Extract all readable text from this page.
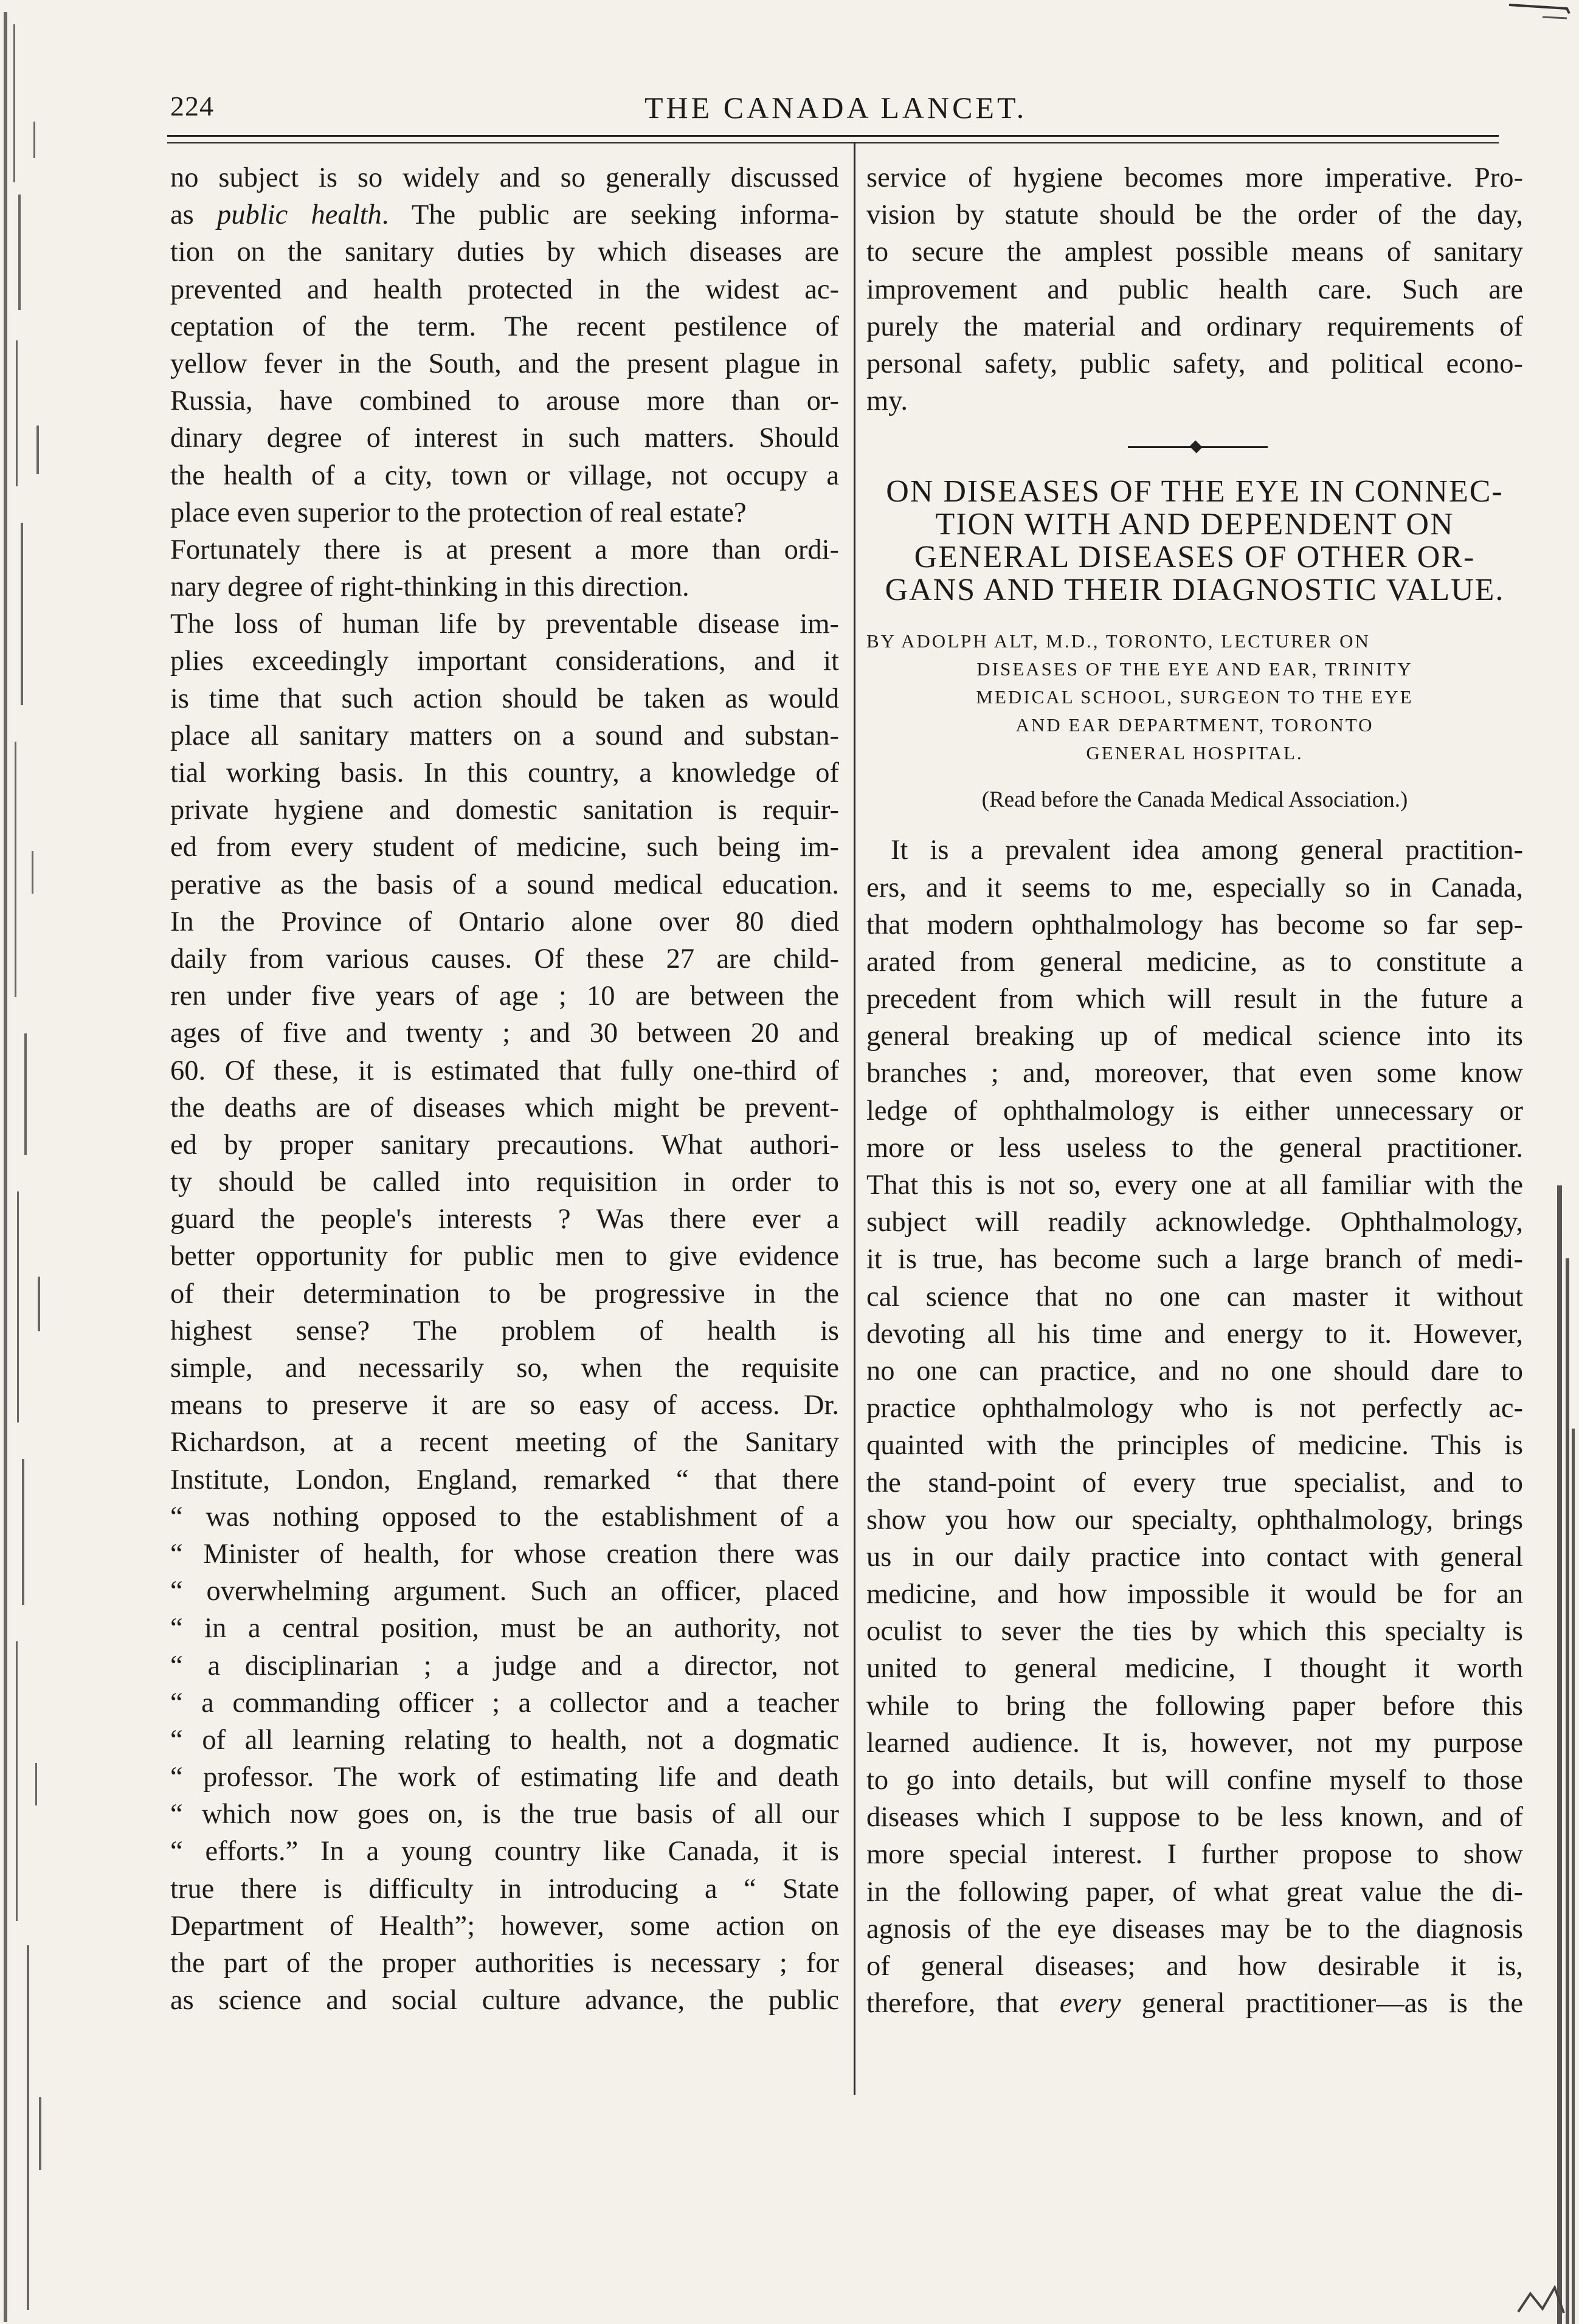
224	THE CANADA LANCET.
no subject is so widely and so generally discussed
as public health. The public are seeking informa-
tion on the sanitary duties by which diseases are
prevented and health protected in the widest ac-
ceptation of the term. The recent pestilence of
yellow fever in the South, and the present plague in
Russia, have combined to arouse more than or-
dinary degree of interest in such matters. Should
the health of a city, town or village, not occupy a
place even superior to the protection of real estate?
Fortunately there is at present a more than ordi-
nary degree of right-thinking in this direction.
The loss of human life by preventable disease im-
plies exceedingly important considerations, and it
is time that such action should be taken as would
place all sanitary matters on a sound and substan-
tial working basis. In this country, a knowledge of
private hygiene and domestic sanitation is requir-
ed from every student of medicine, such being im-
perative as the basis of a sound medical education.
In the Province of Ontario alone over 80 died
daily from various causes. Of these 27 are child-
ren under five years of age ; 10 are between the
ages of five and twenty ; and 30 between 20 and
60. Of these, it is estimated that fully one-third of
the deaths are of diseases which might be prevent-
ed by proper sanitary precautions. What authori-
ty should be called into requisition in order to
guard the people's interests ? Was there ever a
better opportunity for public men to give evidence
of their determination to be progressive in the
highest sense? The problem of health is
simple, and necessarily so, when the requisite
means to preserve it are so easy of access. Dr.
Richardson, at a recent meeting of the Sanitary
Institute, London, England, remarked “ that there
“ was nothing opposed to the establishment of a
“ Minister of health, for whose creation there was
“ overwhelming argument. Such an officer, placed
“ in a central position, must be an authority, not
“ a disciplinarian ; a judge and a director, not
“ a commanding officer ; a collector and a teacher
“ of all learning relating to health, not a dogmatic
“ professor. The work of estimating life and death
“ which now goes on, is the true basis of all our
“ efforts.” In a young country like Canada, it is
true there is difficulty in introducing a “ State
Department of Health”; however, some action on
the part of the proper authorities is necessary ; for
as science and social culture advance, the public
service of hygiene becomes more imperative. Pro-
vision by statute should be the order of the day,
to secure the amplest possible means of sanitary
improvement and public health care. Such are
purely the material and ordinary requirements of
personal safety, public safety, and political econo-
my.
ON DISEASES OF THE EYE IN CONNEC-
TION WITH AND DEPENDENT ON
GENERAL DISEASES OF OTHER OR-
GANS AND THEIR DIAGNOSTIC VALUE.
BY ADOLPH ALT, M.D., TORONTO, LECTURER ON
DISEASES OF THE EYE AND EAR, TRINITY
MEDICAL SCHOOL, SURGEON TO THE EYE
AND EAR DEPARTMENT, TORONTO
GENERAL HOSPITAL.
(Read before the Canada Medical Association.)
It is a prevalent idea among general practition-
ers, and it seems to me, especially so in Canada,
that modern ophthalmology has become so far sep-
arated from general medicine, as to constitute a
precedent from which will result in the future a
general breaking up of medical science into its
branches ; and, moreover, that even some know
ledge of ophthalmology is either unnecessary or
more or less useless to the general practitioner.
That this is not so, every one at all familiar with the
subject will readily acknowledge. Ophthalmology,
it is true, has become such a large branch of medi-
cal science that no one can master it without
devoting all his time and energy to it. However,
no one can practice, and no one should dare to
practice ophthalmology who is not perfectly ac-
quainted with the principles of medicine. This is
the stand-point of every true specialist, and to
show you how our specialty, ophthalmology, brings
us in our daily practice into contact with general
medicine, and how impossible it would be for an
oculist to sever the ties by which this specialty is
united to general medicine, I thought it worth
while to bring the following paper before this
learned audience. It is, however, not my purpose
to go into details, but will confine myself to those
diseases which I suppose to be less known, and of
more special interest. I further propose to show
in the following paper, of what great value the di-
agnosis of the eye diseases may be to the diagnosis
of general diseases; and how desirable it is,
therefore, that every general practitioner—as is the
